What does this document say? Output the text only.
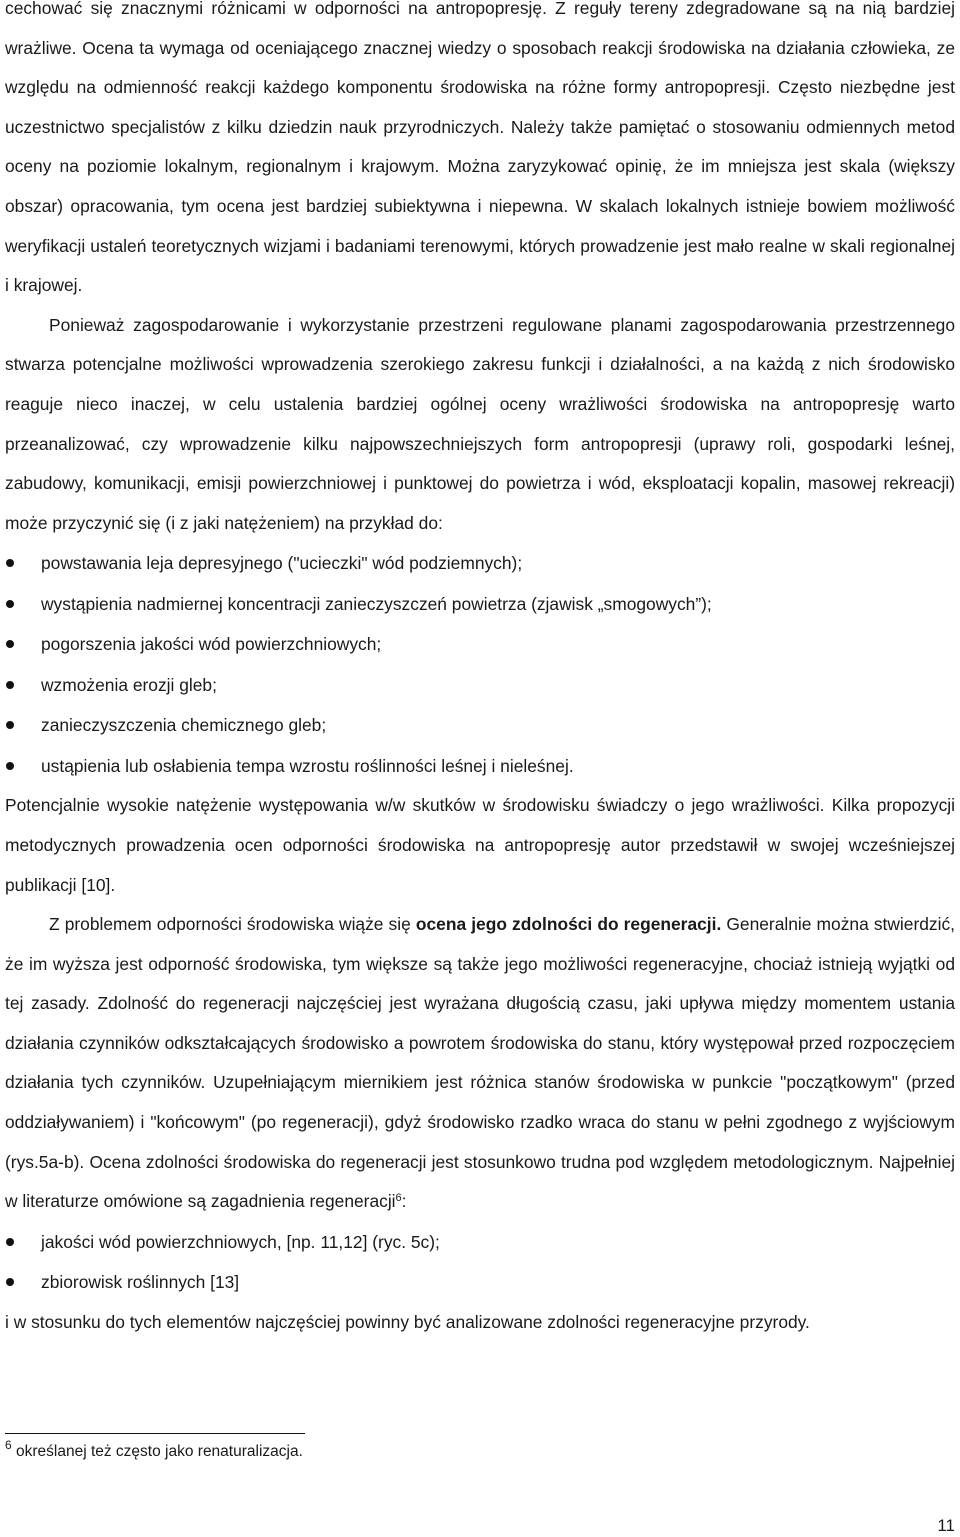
cechować się znacznymi różnicami w odporności na antropopresję. Z reguły tereny zdegradowane są na nią bardziej wrażliwe. Ocena ta wymaga od oceniającego znacznej wiedzy o sposobach reakcji środowiska na działania człowieka, ze względu na odmienność reakcji każdego komponentu środowiska na różne formy antropopresji. Często niezbędne jest uczestnictwo specjalistów z kilku dziedzin nauk przyrodniczych. Należy także pamiętać o stosowaniu odmiennych metod oceny na poziomie lokalnym, regionalnym i krajowym. Można zaryzykować opinię, że im mniejsza jest skala (większy obszar) opracowania, tym ocena jest bardziej subiektywna i niepewna. W skalach lokalnych istnieje bowiem możliwość weryfikacji ustaleń teoretycznych wizjami i badaniami terenowymi, których prowadzenie jest mało realne w skali regionalnej i krajowej.

Ponieważ zagospodarowanie i wykorzystanie przestrzeni regulowane planami zagospodarowania przestrzennego stwarza potencjalne możliwości wprowadzenia szerokiego zakresu funkcji i działalności, a na każdą z nich środowisko reaguje nieco inaczej, w celu ustalenia bardziej ogólnej oceny wrażliwości środowiska na antropopresję warto przeanalizować, czy wprowadzenie kilku najpowszechniejszych form antropopresji (uprawy roli, gospodarki leśnej, zabudowy, komunikacji, emisji powierzchniowej i punktowej do powietrza i wód, eksploatacji kopalin, masowej rekreacji) może przyczynić się (i z jaki natężeniem) na przykład do:

powstawania leja depresyjnego ("ucieczki" wód podziemnych);
wystąpienia nadmiernej koncentracji zanieczyszczeń powietrza (zjawisk „smogowych”);
pogorszenia jakości wód powierzchniowych;
wzmożenia erozji gleb;
zanieczyszczenia chemicznego gleb;
ustąpienia lub osłabienia tempa wzrostu roślinności leśnej i nieleśnej.

Potencjalnie wysokie natężenie występowania w/w skutków w środowisku świadczy o jego wrażliwości. Kilka propozycji metodycznych prowadzenia ocen odporności środowiska na antropopresję autor przedstawił w swojej wcześniejszej publikacji [10].

Z problemem odporności środowiska wiąże się ocena jego zdolności do regeneracji. Generalnie można stwierdzić, że im wyższa jest odporność środowiska, tym większe są także jego możliwości regeneracyjne, chociaż istnieją wyjątki od tej zasady. Zdolność do regeneracji najczęściej jest wyrażana długością czasu, jaki upływa między momentem ustania działania czynników odkształcających środowisko a powrotem środowiska do stanu, który występował przed rozpoczęciem działania tych czynników. Uzupełniającym miernikiem jest różnica stanów środowiska w punkcie "początkowym" (przed oddziaływaniem) i "końcowym" (po regeneracji), gdyż środowisko rzadko wraca do stanu w pełni zgodnego z wyjściowym (rys.5a-b). Ocena zdolności środowiska do regeneracji jest stosunkowo trudna pod względem metodologicznym. Najpełniej w literaturze omówione są zagadnienia regeneracji$^6$:

jakości wód powierzchniowych, [np. 11,12] (ryc. 5c);
zbiorowisk roślinnych [13]

i w stosunku do tych elementów najczęściej powinny być analizowane zdolności regeneracyjne przyrody.

$^6$ określanej też często jako renaturalizacja.
11
